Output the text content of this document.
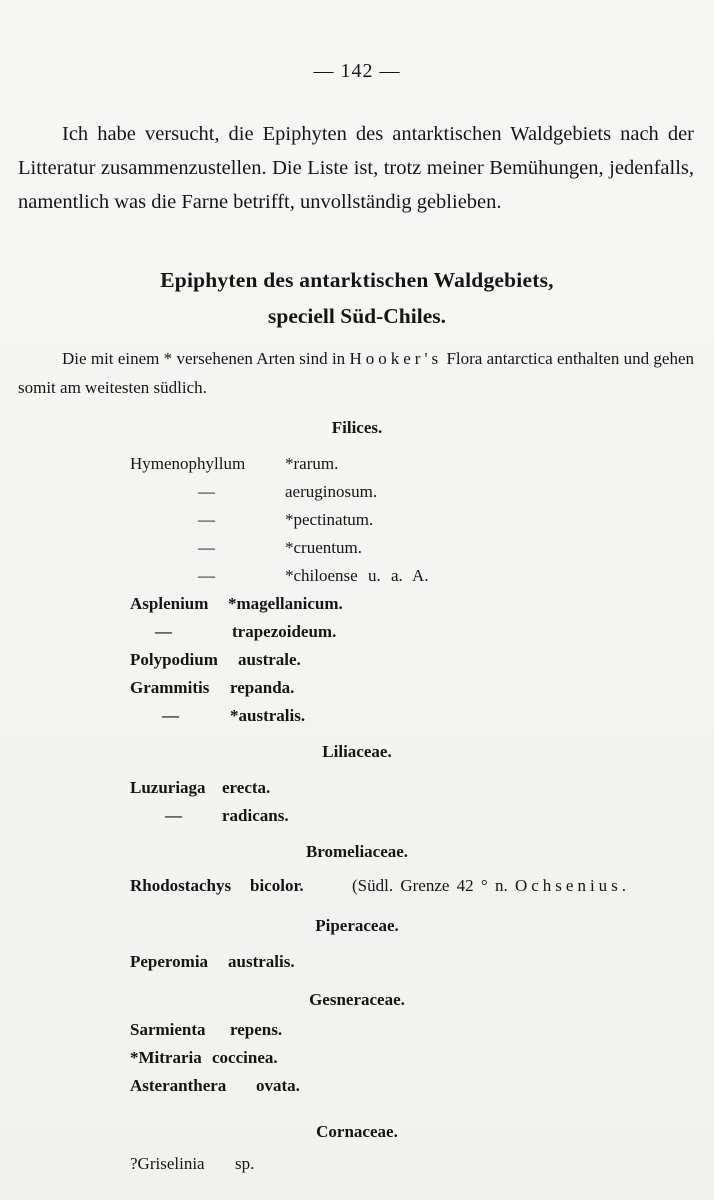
— 142 —
Ich habe versucht, die Epiphyten des antarktischen Waldgebiets nach der Litteratur zusammenzustellen. Die Liste ist, trotz meiner Bemühungen, jedenfalls, namentlich was die Farne betrifft, unvollständig geblieben.
Epiphyten des antarktischen Waldgebiets,
speciell Süd-Chiles.
Die mit einem * versehenen Arten sind in Hooker's Flora antarctica enthalten und gehen somit am weitesten südlich.
Filices.
Hymenophyllum *rarum.
—	aeruginosum.
—	*pectinatum.
—	*cruentum.
—	*chiloense u. a. A.
Asplenium *magellanicum.
—	trapezoideum.
Polypodium australe.
Grammitis repanda.
—	*australis.
Liliaceae.
Luzuriaga erecta.
— radicans.
Bromeliaceae.
Rhodostachys bicolor.	(Südl. Grenze 42 ° n. Ochsenius.
Piperaceae.
Peperomia australis.
Gesneraceae.
Sarmienta repens.
*Mitraria coccinea.
Asteranthera ovata.
Cornaceae.
?Griselinia sp.
